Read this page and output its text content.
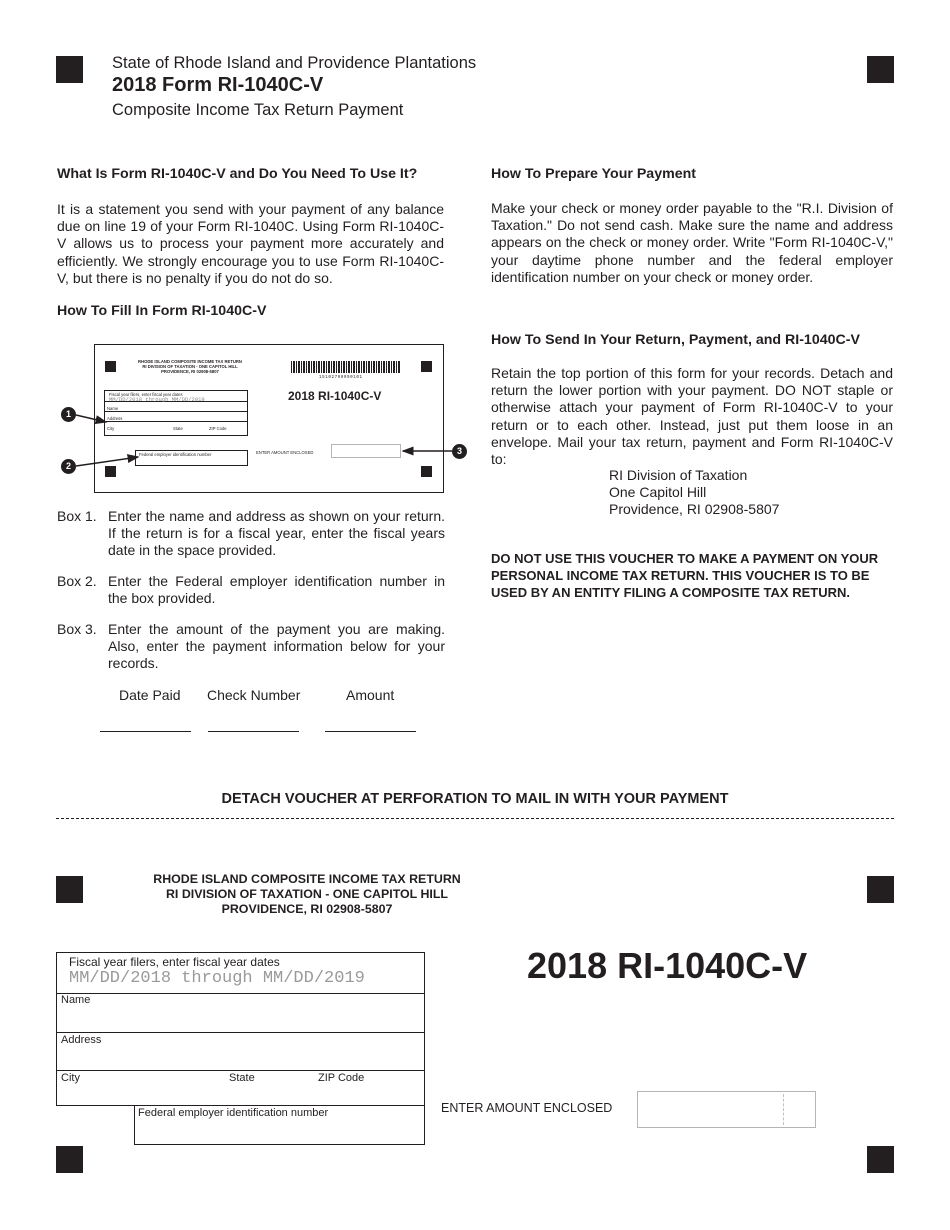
State of Rhode Island and Providence Plantations
2018 Form RI-1040C-V
Composite Income Tax Return Payment
What Is Form RI-1040C-V and Do You Need To Use It?
It is a statement you send with your payment of any balance due on line 19 of your Form RI-1040C. Using Form RI-1040C-V allows us to process your payment more accurately and efficiently. We strongly encourage you to use Form RI-1040C-V, but there is no penalty if you do not do so.
How To Fill In Form RI-1040C-V
RHODE ISLAND COMPOSITE INCOME TAX RETURN
RI DIVISION OF TAXATION - ONE CAPITOL HILL
PROVIDENCE, RI 02908-5807
15102799990101
2018 RI-1040C-V
Fiscal year filers, enter fiscal year dates
MM/DD/2018 through MM/DD/2019
Name
Address
City	State	ZIP Code
Federal employer identification number	ENTER AMOUNT ENCLOSED
1
2
3
Box 1. Enter the name and address as shown on your return. If the return is for a fiscal year, enter the fiscal years date in the space provided.
Box 2. Enter the Federal employer identification number in the box provided.
Box 3. Enter the amount of the payment you are making. Also, enter the payment information below for your records.
Date Paid Check Number	Amount
How To Prepare Your Payment
Make your check or money order payable to the "R.I. Division of Taxation." Do not send cash. Make sure the name and address appears on the check or money order. Write "Form RI-1040C-V," your daytime phone number and the federal employer identification number on your check or money order.
How To Send In Your Return, Payment, and RI-1040C-V
Retain the top portion of this form for your records. Detach and return the lower portion with your payment. DO NOT staple or otherwise attach your payment of Form RI-1040C-V to your return or to each other. Instead, just put them loose in an envelope. Mail your tax return, payment and Form RI-1040C-V to:
RI Division of Taxation
One Capitol Hill
Providence, RI 02908-5807
DO NOT USE THIS VOUCHER TO MAKE A PAYMENT ON YOUR PERSONAL INCOME TAX RETURN. THIS VOUCHER IS TO BE USED BY AN ENTITY FILING A COMPOSITE TAX RETURN.
DETACH VOUCHER AT PERFORATION TO MAIL IN WITH YOUR PAYMENT
RHODE ISLAND COMPOSITE INCOME TAX RETURN
RI DIVISION OF TAXATION - ONE CAPITOL HILL
PROVIDENCE, RI 02908-5807
Fiscal year filers, enter fiscal year dates
MM/DD/2018 through MM/DD/2019
Name
Address
City	State	ZIP Code
Federal employer identification number
2018 RI-1040C-V
ENTER AMOUNT ENCLOSED
